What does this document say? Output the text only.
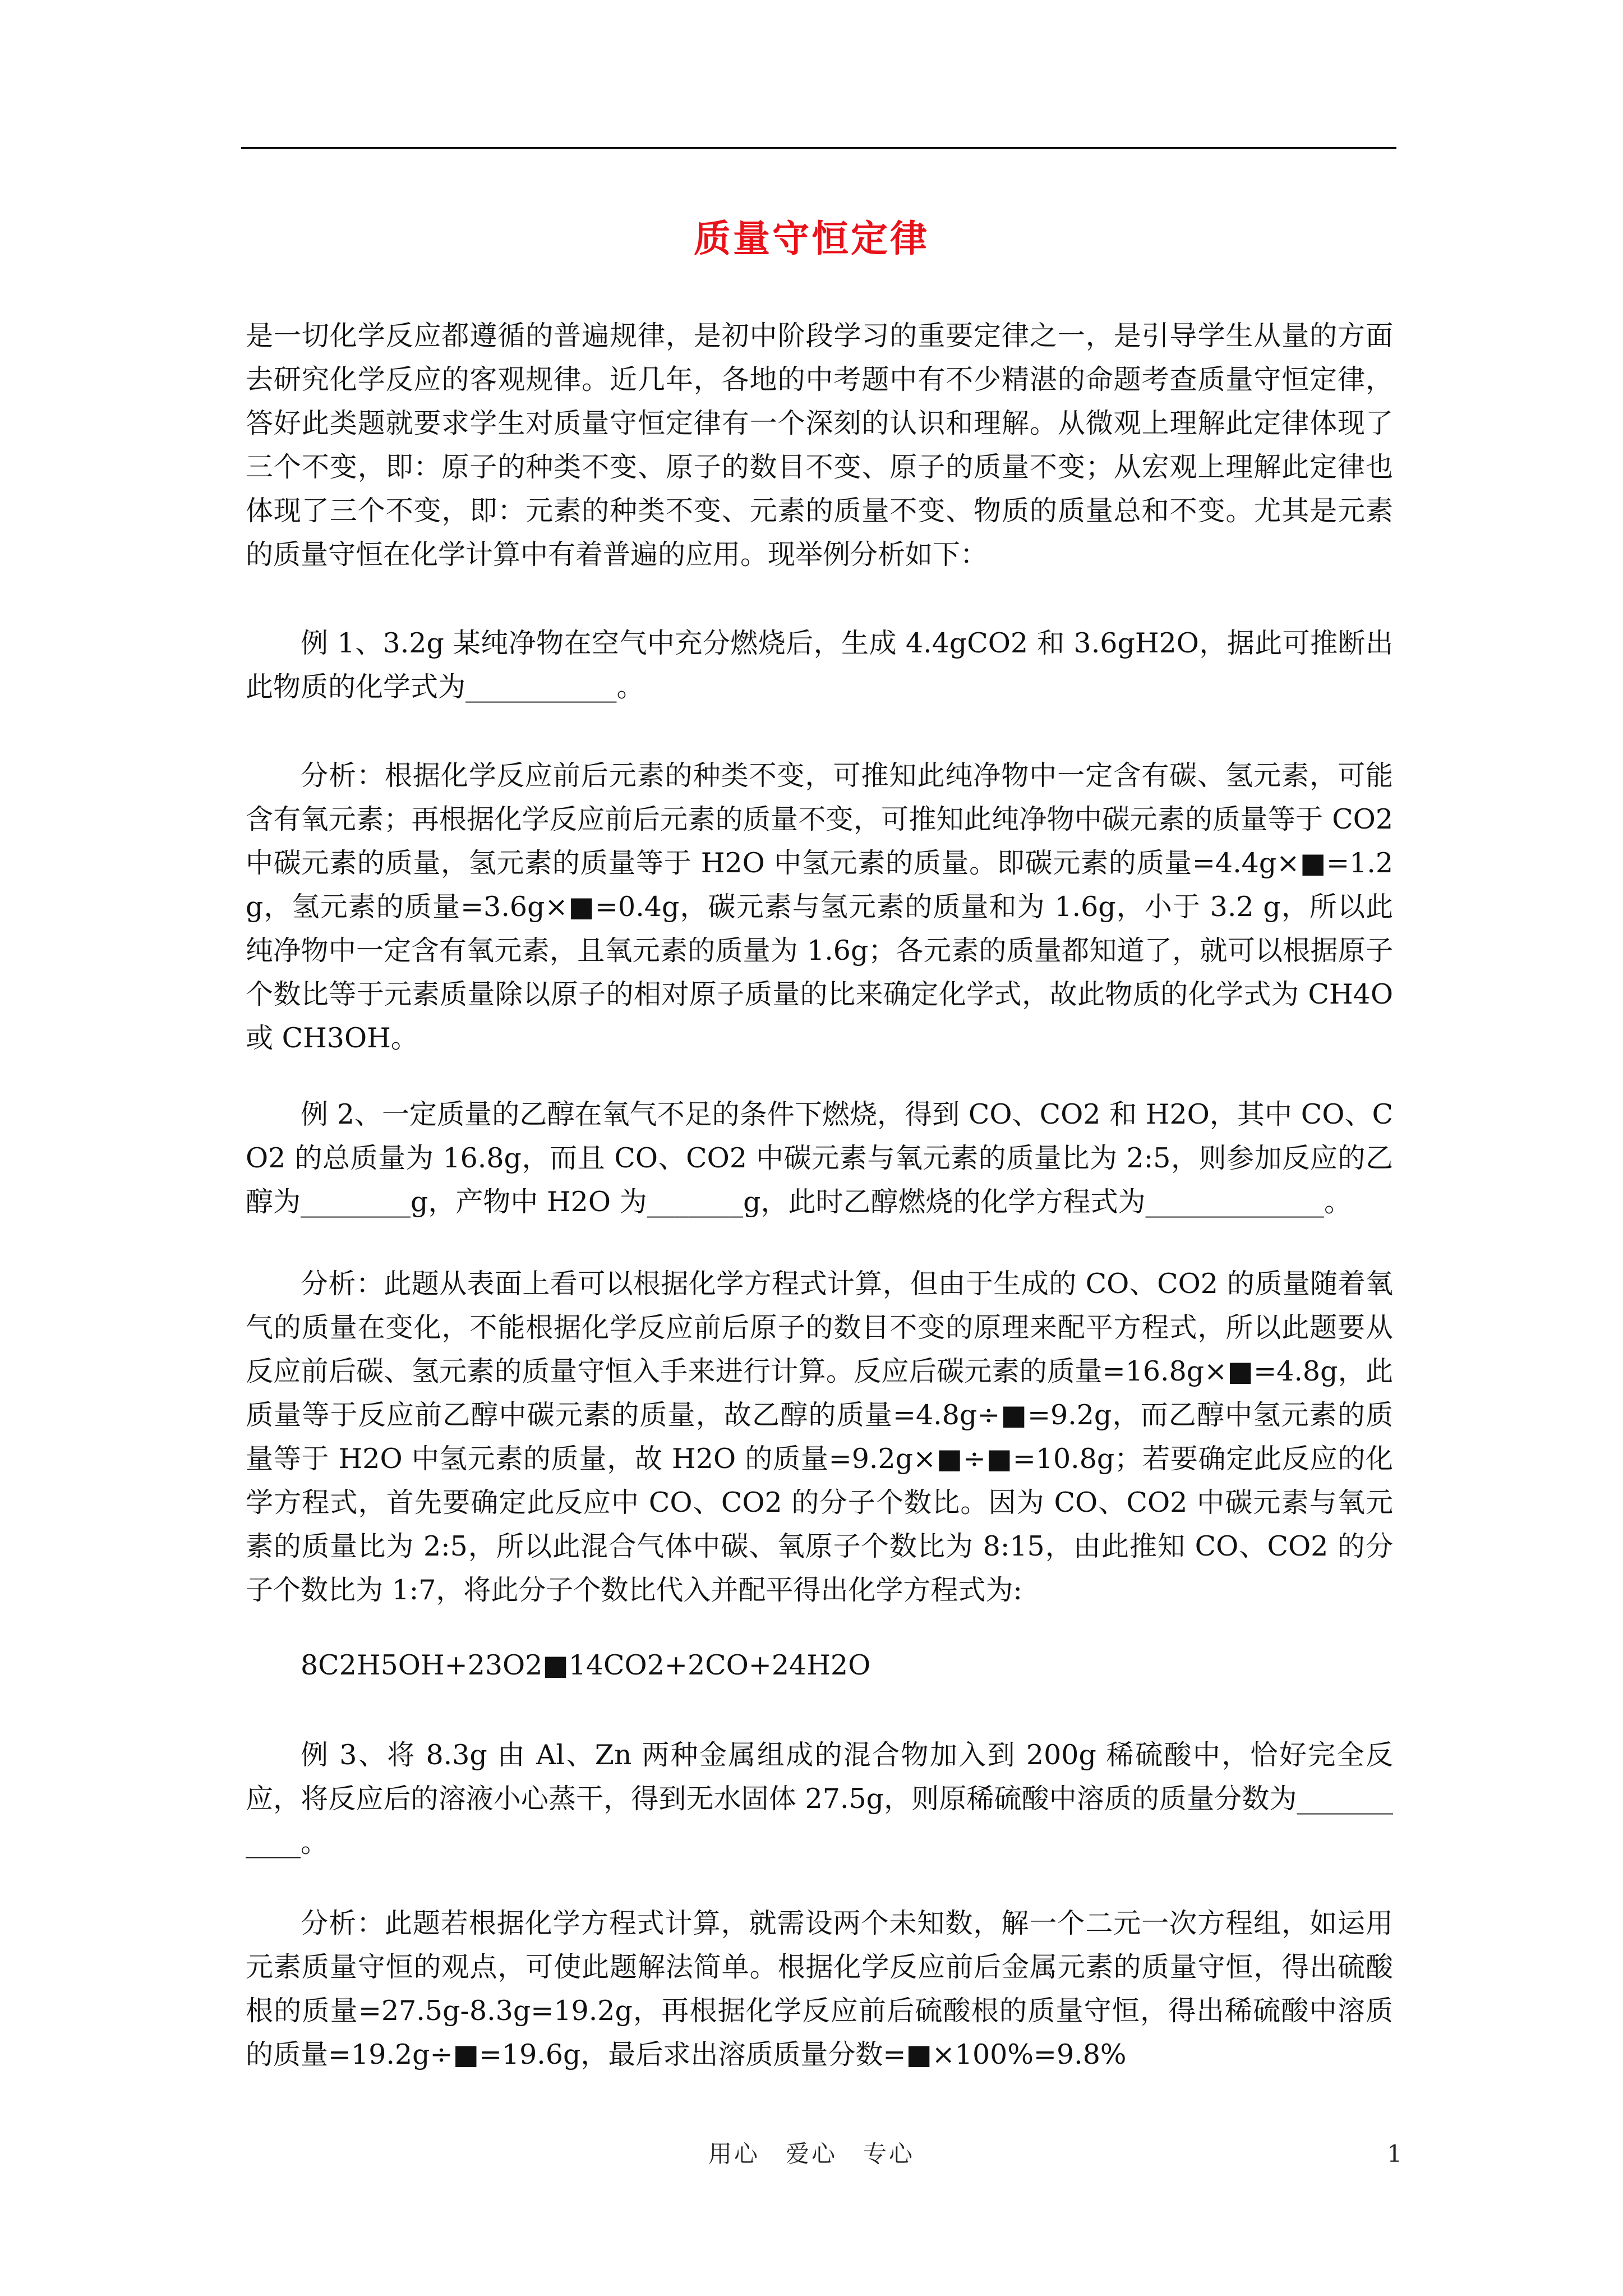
质量守恒定律

是一切化学反应都遵循的普遍规律，是初中阶段学习的重要定律之一，是引导学生从量的方面去研究化学反应的客观规律。近几年，各地的中考题中有不少精湛的命题考查质量守恒定律，答好此类题就要求学生对质量守恒定律有一个深刻的认识和理解。从微观上理解此定律体现了三个不变，即：原子的种类不变、原子的数目不变、原子的质量不变；从宏观上理解此定律也体现了三个不变，即：元素的种类不变、元素的质量不变、物质的质量总和不变。尤其是元素的质量守恒在化学计算中有着普遍的应用。现举例分析如下：

例 1、3.2g 某纯净物在空气中充分燃烧后，生成 4.4gCO2 和 3.6gH2O，据此可推断出此物质的化学式为___________。

分析：根据化学反应前后元素的种类不变，可推知此纯净物中一定含有碳、氢元素，可能含有氧元素；再根据化学反应前后元素的质量不变，可推知此纯净物中碳元素的质量等于 CO2 中碳元素的质量，氢元素的质量等于 H2O 中氢元素的质量。即碳元素的质量=4.4g×■=1.2g，氢元素的质量=3.6g×■=0.4g，碳元素与氢元素的质量和为 1.6g，小于 3.2 g，所以此纯净物中一定含有氧元素，且氧元素的质量为 1.6g；各元素的质量都知道了，就可以根据原子个数比等于元素质量除以原子的相对原子质量的比来确定化学式，故此物质的化学式为 CH4O 或 CH3OH。

例 2、一定质量的乙醇在氧气不足的条件下燃烧，得到 CO、CO2 和 H2O，其中 CO、CO2 的总质量为 16.8g，而且 CO、CO2 中碳元素与氧元素的质量比为 2:5，则参加反应的乙醇为________g，产物中 H2O 为_______g，此时乙醇燃烧的化学方程式为_____________。

分析：此题从表面上看可以根据化学方程式计算，但由于生成的 CO、CO2 的质量随着氧气的质量在变化，不能根据化学反应前后原子的数目不变的原理来配平方程式，所以此题要从反应前后碳、氢元素的质量守恒入手来进行计算。反应后碳元素的质量=16.8g×■=4.8g，此质量等于反应前乙醇中碳元素的质量，故乙醇的质量=4.8g÷■=9.2g，而乙醇中氢元素的质量等于 H2O 中氢元素的质量，故 H2O 的质量=9.2g×■÷■=10.8g；若要确定此反应的化学方程式，首先要确定此反应中 CO、CO2 的分子个数比。因为 CO、CO2 中碳元素与氧元素的质量比为 2:5，所以此混合气体中碳、氧原子个数比为 8:15，由此推知 CO、CO2 的分子个数比为 1:7，将此分子个数比代入并配平得出化学方程式为:

8C2H5OH+23O2■14CO2+2CO+24H2O

例 3、将 8.3g 由 Al、Zn 两种金属组成的混合物加入到 200g 稀硫酸中，恰好完全反应，将反应后的溶液小心蒸干，得到无水固体 27.5g，则原稀硫酸中溶质的质量分数为___________。

分析：此题若根据化学方程式计算，就需设两个未知数，解一个二元一次方程组，如运用元素质量守恒的观点，可使此题解法简单。根据化学反应前后金属元素的质量守恒，得出硫酸根的质量=27.5g-8.3g=19.2g，再根据化学反应前后硫酸根的质量守恒，得出稀硫酸中溶质的质量=19.2g÷■=19.6g，最后求出溶质质量分数=■×100%=9.8%

用心　爱心　专心	1
